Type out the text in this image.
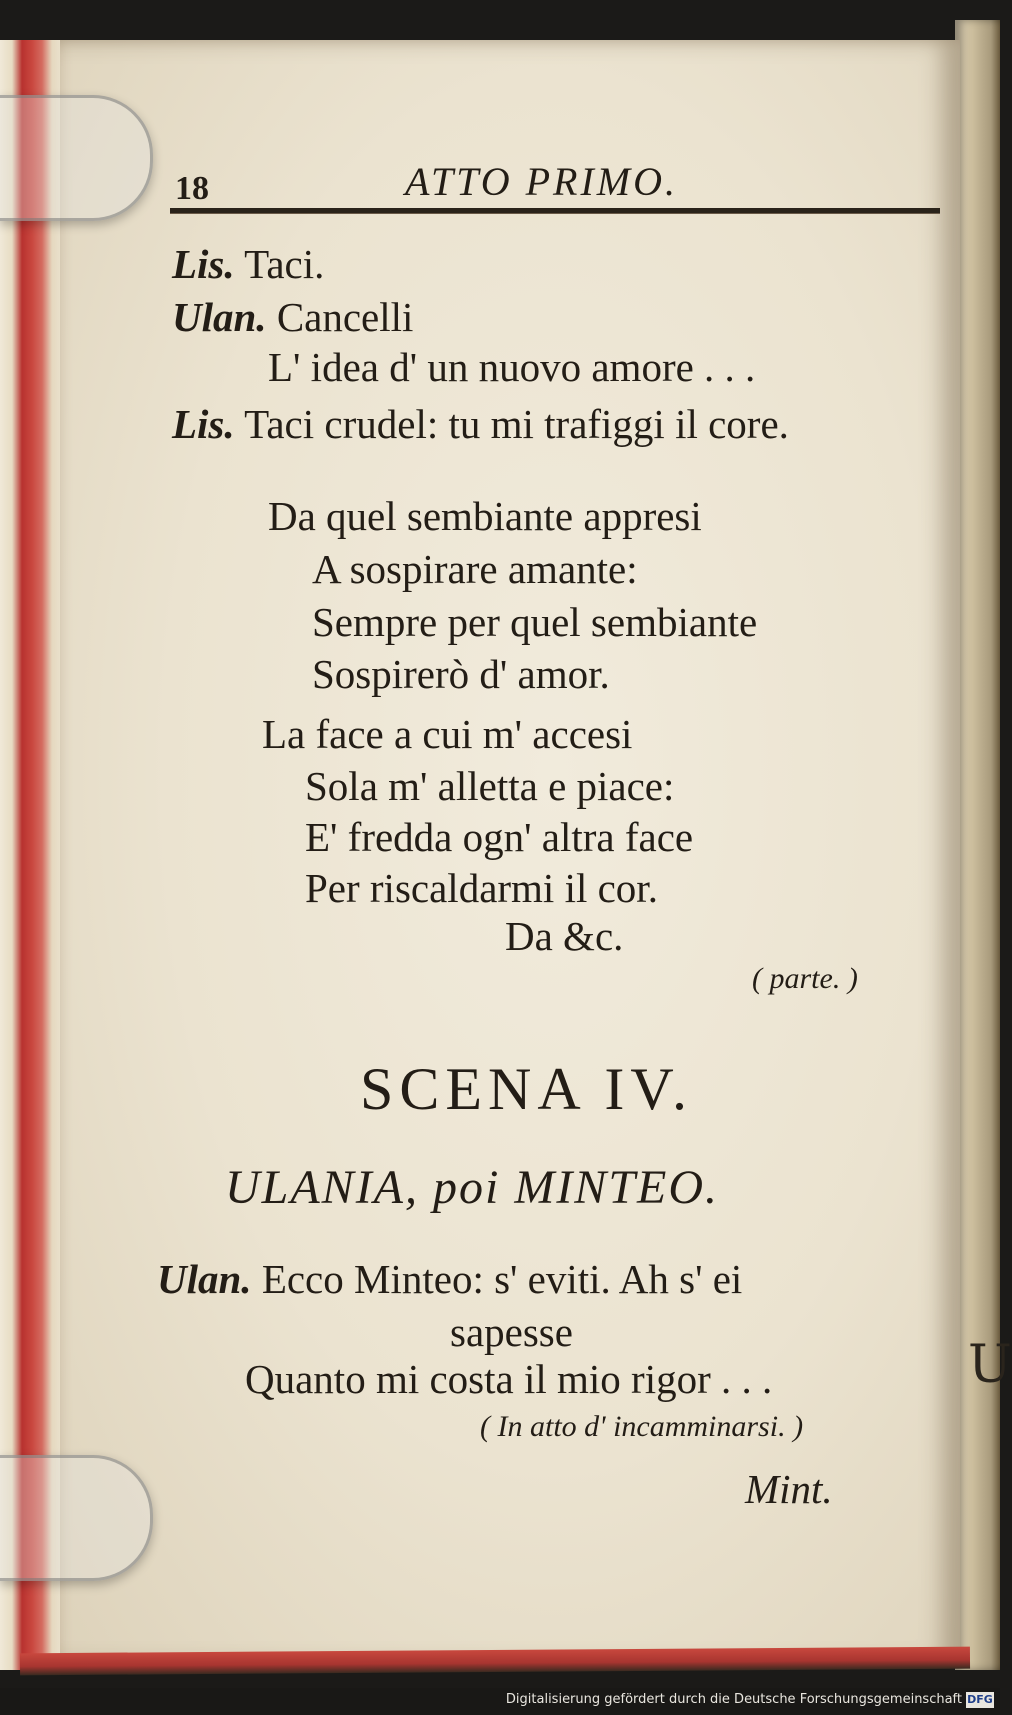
U
18	ATTO PRIMO.
Lis. Taci.
Ulan. Cancelli
L' idea d' un nuovo amore . . .
Lis. Taci crudel: tu mi trafiggi il core.
Da quel sembiante appresi
A sospirare amante:
Sempre per quel sembiante
Sospirerò d' amor.
La face a cui m' accesi
Sola m' alletta e piace:
E' fredda ogn' altra face
Per riscaldarmi il cor.
Da &c.
( parte. )
SCENA IV.
ULANIA, poi MINTEO.
Ulan. Ecco Minteo: s' eviti. Ah s' ei
sapesse
Quanto mi costa il mio rigor . . .
( In atto d' incamminarsi. )
Mint.
Digitalisierung gefördert durch die Deutsche Forschungsgemeinschaft DFG
